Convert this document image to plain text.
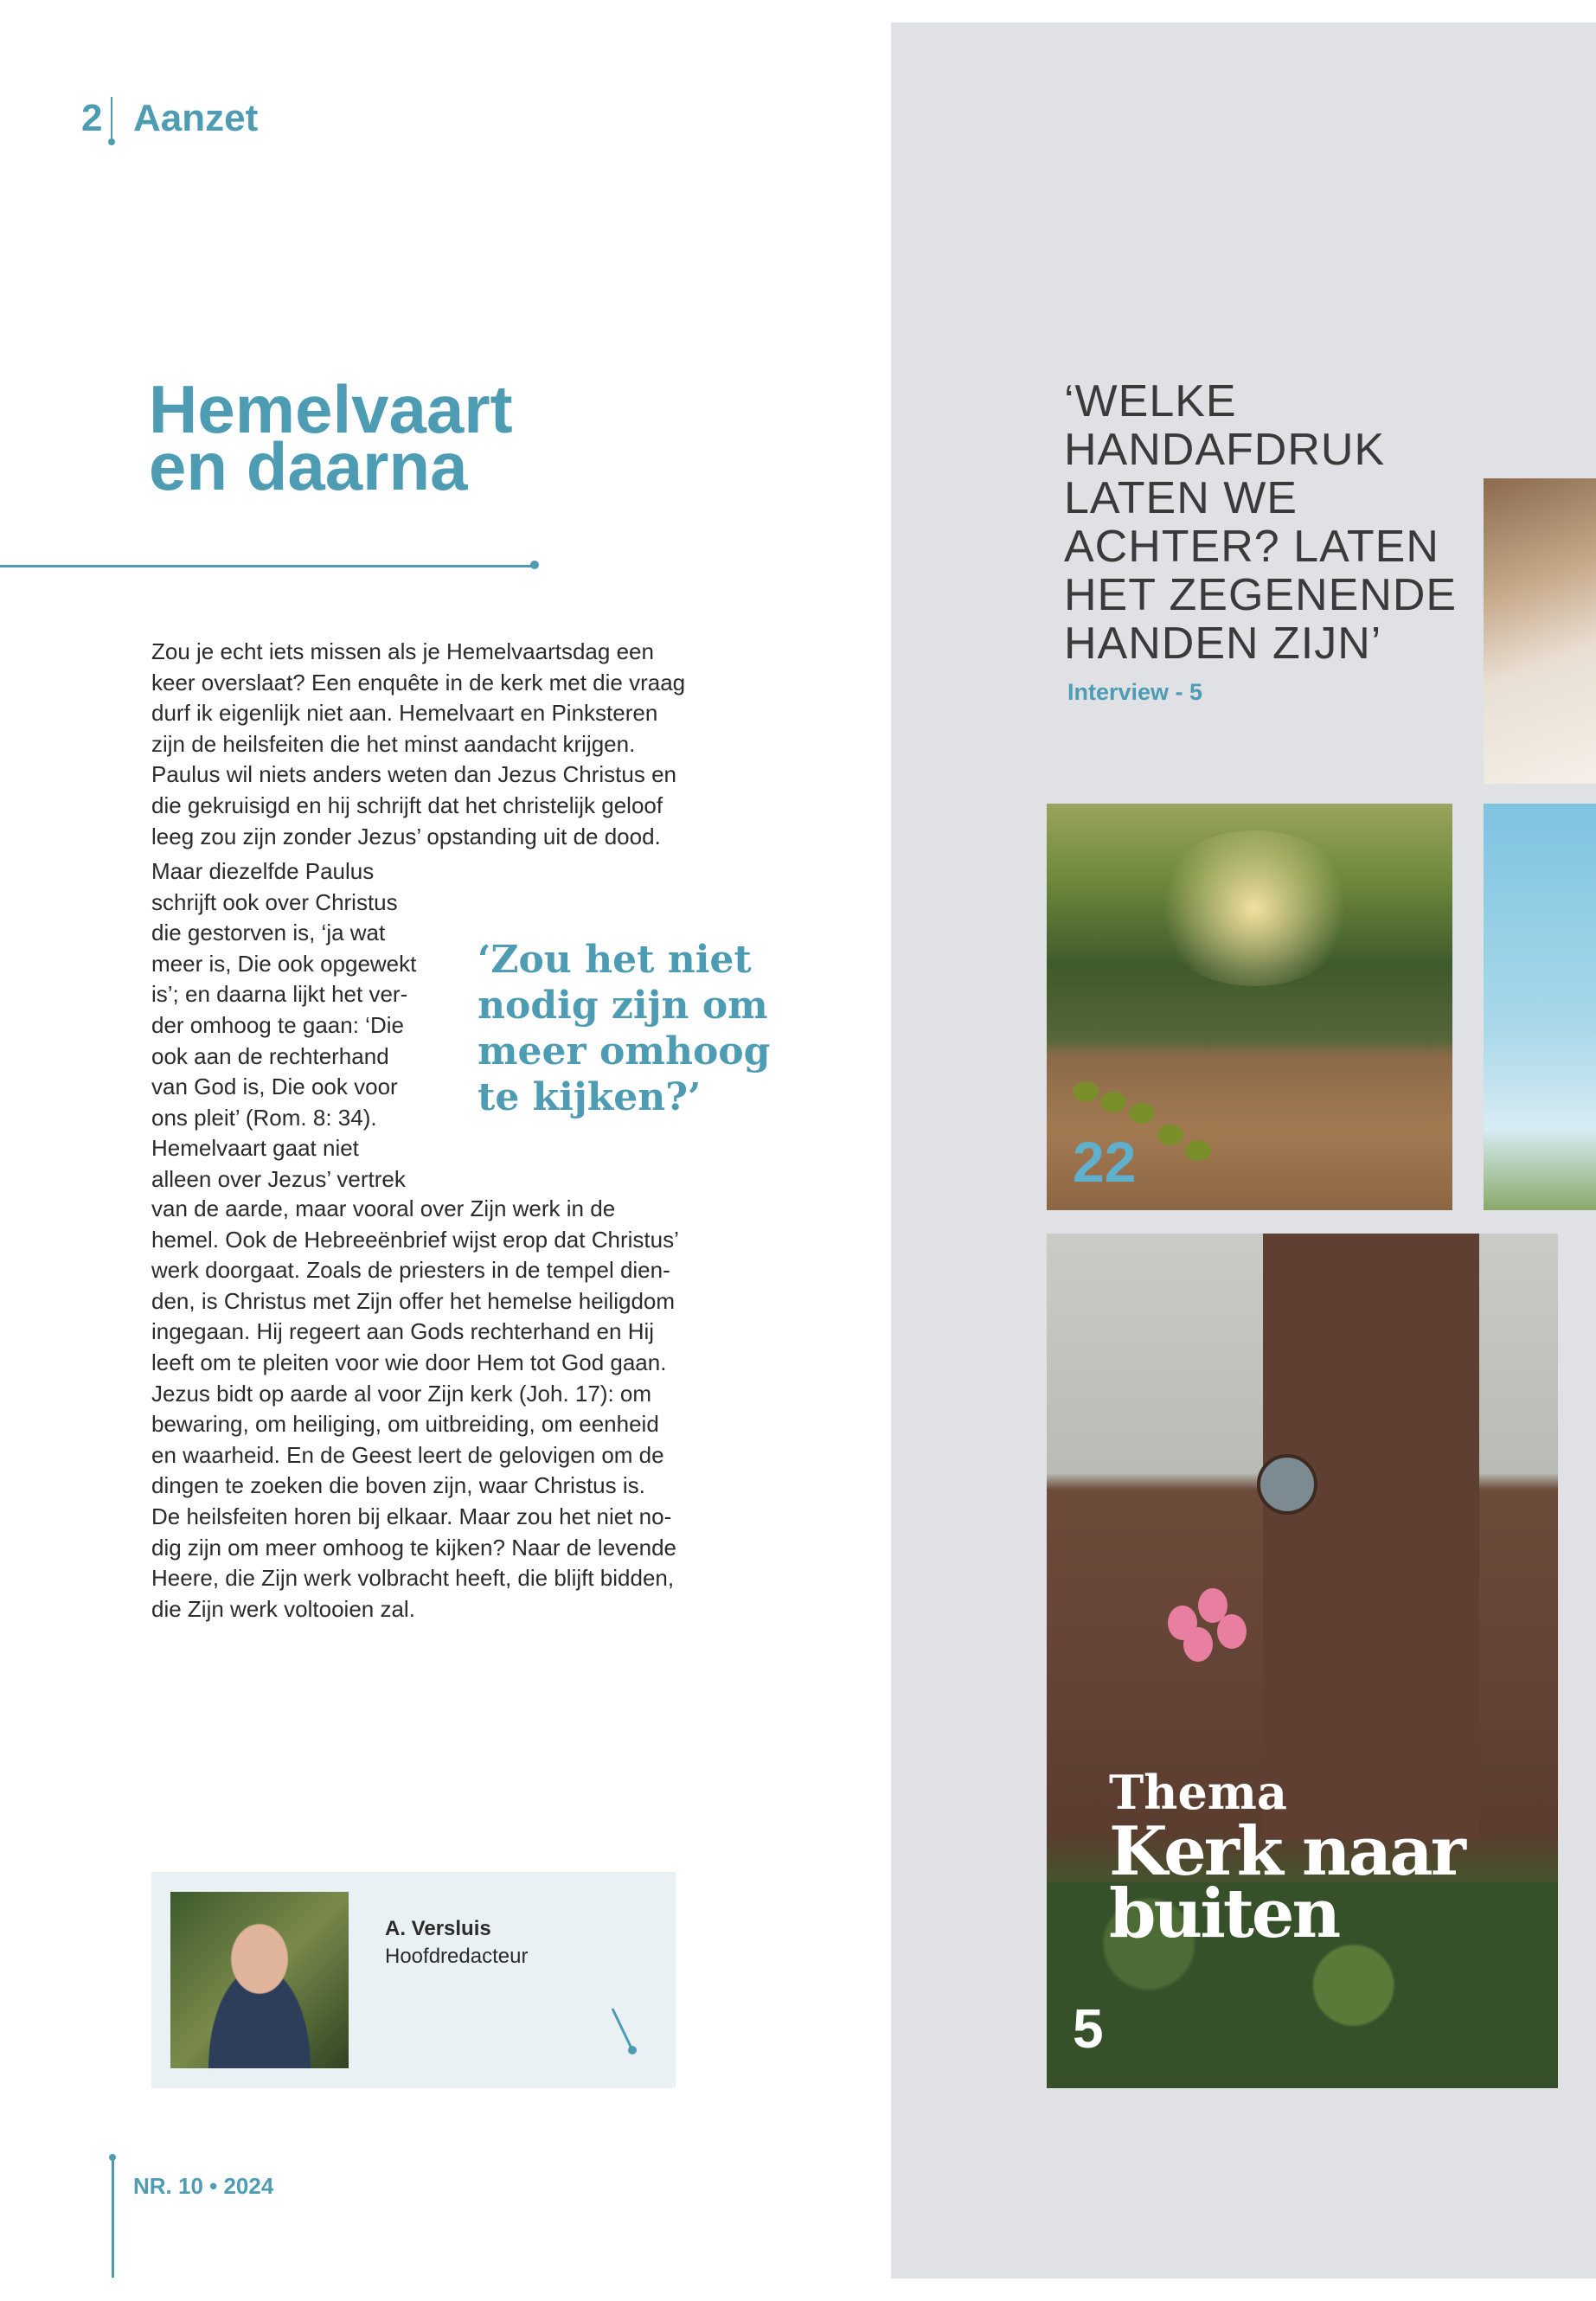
2 Aanzet
Hemelvaart
en daarna

Zou je echt iets missen als je Hemelvaartsdag een

keer overslaat? Een enquête in de kerk met die vraag

durf ik eigenlijk niet aan. Hemelvaart en Pinksteren

zijn de heilsfeiten die het minst aandacht krijgen.

Paulus wil niets anders weten dan Jezus Christus en

die gekruisigd en hij schrijft dat het christelijk geloof

leeg zou zijn zonder Jezus’ opstanding uit de dood.

Maar diezelfde Paulus

schrijft ook over Christus

die gestorven is, ‘ja wat

meer is, Die ook opgewekt

is’; en daarna lijkt het ver-

der omhoog te gaan: ‘Die

ook aan de rechterhand

van God is, Die ook voor

ons pleit’ (Rom. 8: 34).

Hemelvaart gaat niet

alleen over Jezus’ vertrek

van de aarde, maar vooral over Zijn werk in de

hemel. Ook de Hebreeënbrief wijst erop dat Christus’

werk doorgaat. Zoals de priesters in de tempel dien-

den, is Christus met Zijn offer het hemelse heiligdom

ingegaan. Hij regeert aan Gods rechterhand en Hij

leeft om te pleiten voor wie door Hem tot God gaan.

Jezus bidt op aarde al voor Zijn kerk (Joh. 17): om

bewaring, om heiliging, om uitbreiding, om eenheid

en waarheid. En de Geest leert de gelovigen om de

dingen te zoeken die boven zijn, waar Christus is.

De heilsfeiten horen bij elkaar. Maar zou het niet no-

dig zijn om meer omhoog te kijken? Naar de levende

Heere, die Zijn werk volbracht heeft, die blijft bidden,

die Zijn werk voltooien zal.

‘Zou het niet

nodig zijn om

meer omhoog

te kijken?’

A. Versluis
Hoofdredacteur
NR. 10 • 2024

‘WELKE

HANDAFDRUK

LATEN WE

ACHTER? LATEN

HET ZEGENENDE

HANDEN ZIJN’

Interview - 5
22
Thema
Kerk naar
buiten
5
